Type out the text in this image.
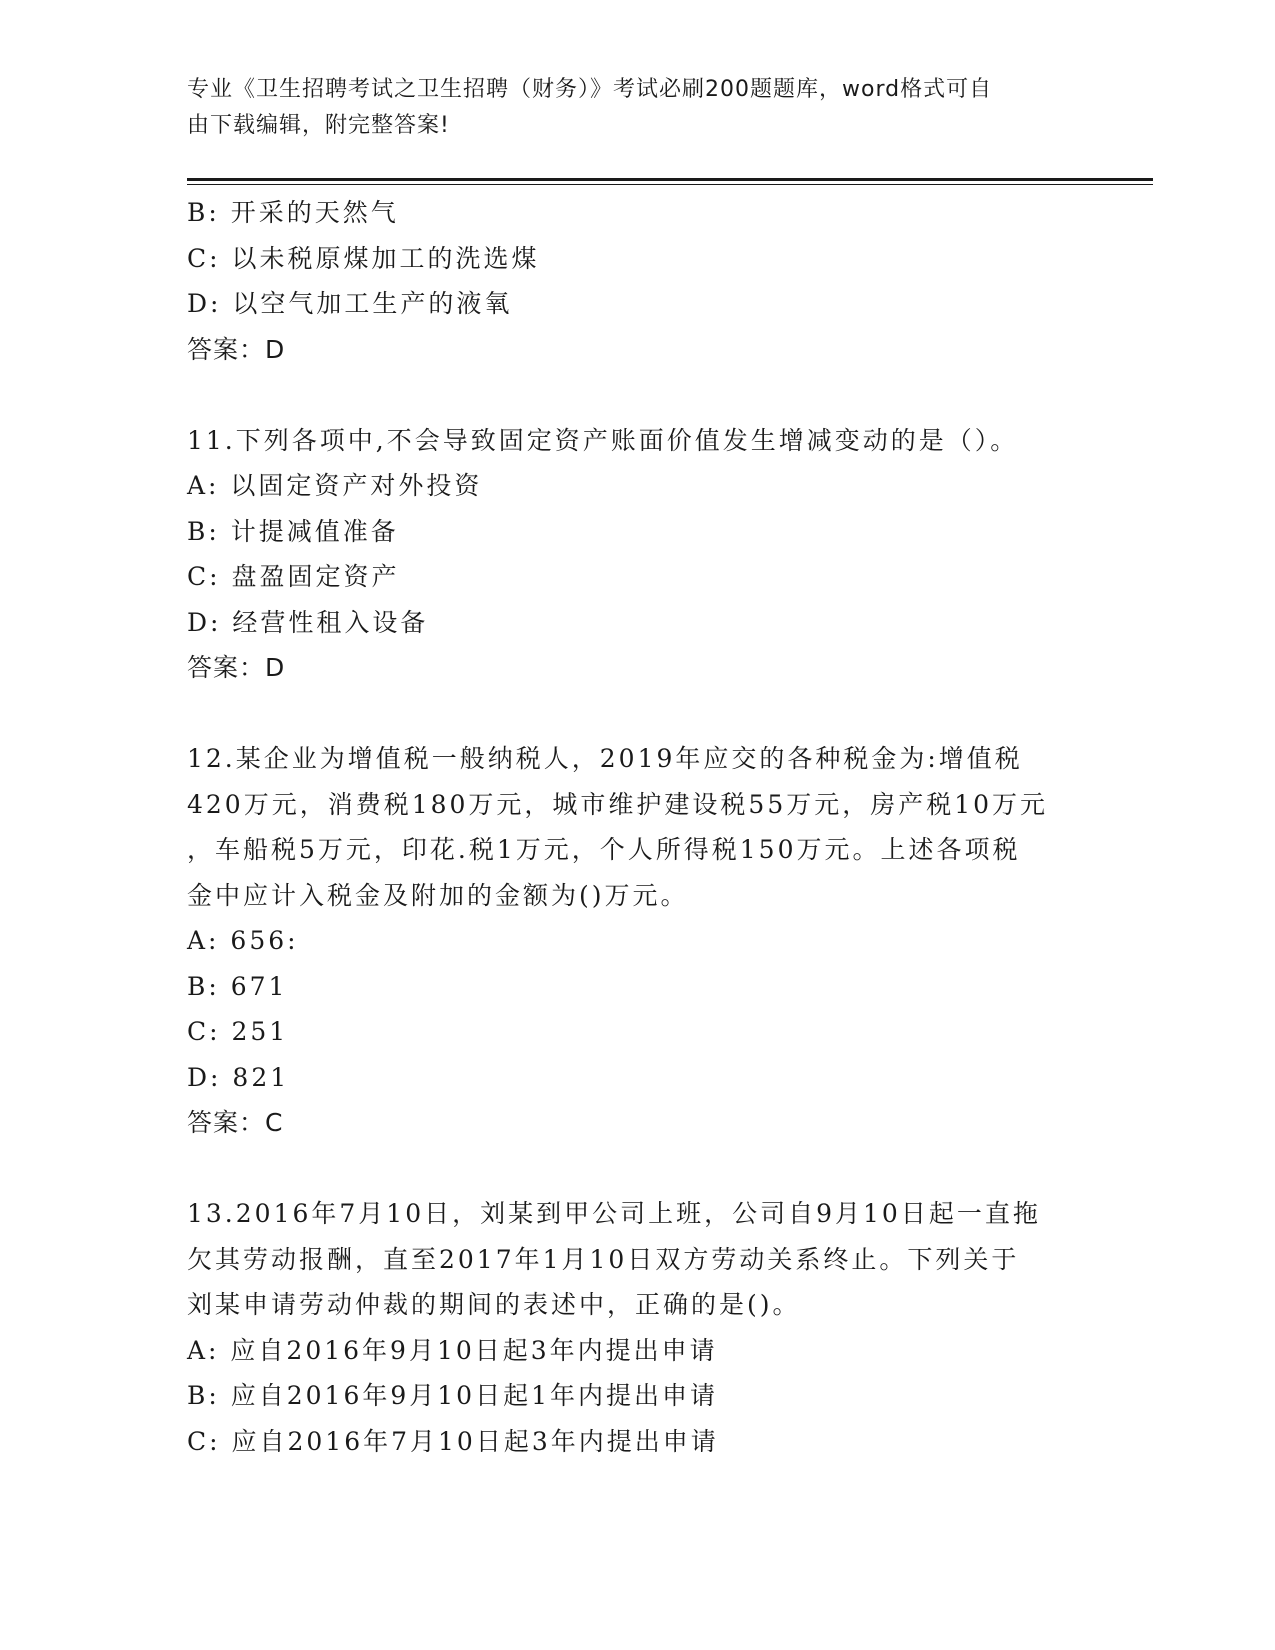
专业《卫生招聘考试之卫生招聘（财务）》考试必刷200题题库，word格式可自
由下载编辑，附完整答案!
B: 开采的天然气
C: 以未税原煤加工的洗选煤
D: 以空气加工生产的液氧
答案：D
11.下列各项中,不会导致固定资产账面价值发生增减变动的是（）。
A: 以固定资产对外投资
B: 计提减值准备
C: 盘盈固定资产
D: 经营性租入设备
答案：D
12.某企业为增值税一般纳税人，2019年应交的各种税金为:增值税
420万元，消费税180万元，城市维护建设税55万元，房产税10万元
，车船税5万元，印花.税1万元，个人所得税150万元。上述各项税
金中应计入税金及附加的金额为()万元。
A: 656:
B: 671
C: 251
D: 821
答案：C
13.2016年7月10日，刘某到甲公司上班，公司自9月10日起一直拖
欠其劳动报酬，直至2017年1月10日双方劳动关系终止。下列关于
刘某申请劳动仲裁的期间的表述中，正确的是()。
A: 应自2016年9月10日起3年内提出申请
B: 应自2016年9月10日起1年内提出申请
C: 应自2016年7月10日起3年内提出申请
